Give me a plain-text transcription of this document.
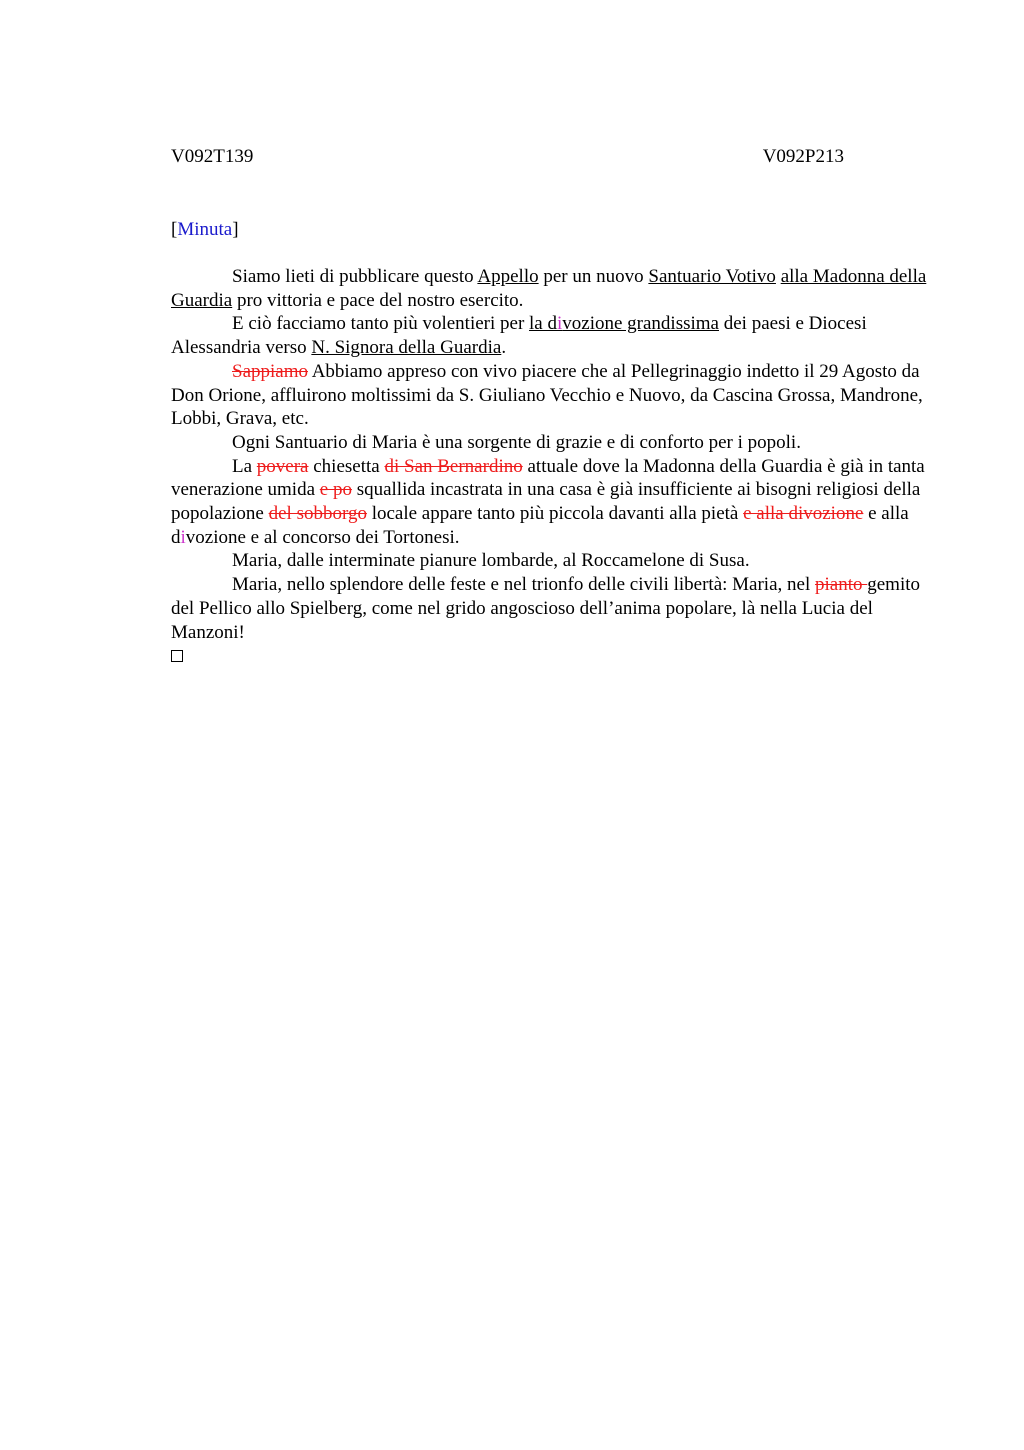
V092T139	V092P213
[Minuta]

Siamo lieti di pubblicare questo Appello per un nuovo Santuario Votivo alla Madonna della Guardia pro vittoria e pace del nostro esercito.

E ciò facciamo tanto più volentieri per la divozione grandissima dei paesi e Diocesi Alessandria verso N. Signora della Guardia.

Sappiamo Abbiamo appreso con vivo piacere che al Pellegrinaggio indetto il 29 Agosto da Don Orione, affluirono moltissimi da S. Giuliano Vecchio e Nuovo, da Cascina Grossa, Mandrone, Lobbi, Grava, etc.

Ogni Santuario di Maria è una sorgente di grazie e di conforto per i popoli.

La povera chiesetta di San Bernardino attuale dove la Madonna della Guardia è già in tanta venerazione umida e po squallida incastrata in una casa è già insufficiente ai bisogni religiosi della popolazione del sobborgo locale appare tanto più piccola davanti alla pietà e alla divozione e alla divozione e al concorso dei Tortonesi.

Maria, dalle interminate pianure lombarde, al Roccamelone di Susa.

Maria, nello splendore delle feste e nel trionfo delle civili libertà: Maria, nel pianto gemito del Pellico allo Spielberg, come nel grido angoscioso dell’anima popolare, là nella Lucia del Manzoni!
